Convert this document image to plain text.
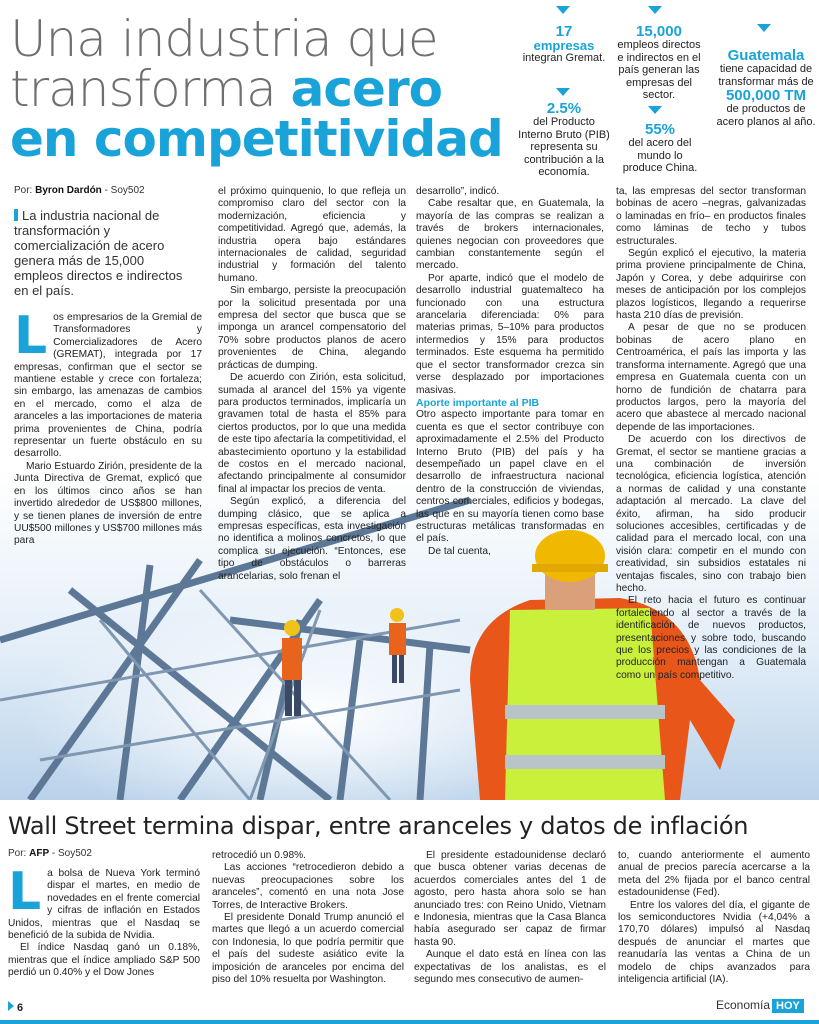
Una industria que
transforma acero
en competitividad
17
empresas
integran Gremat.
2.5%
del Producto Interno Bruto (PIB) representa su contribución a la economía.
15,000
empleos directos e indirectos en el país generan las empresas del sector.
55%
del acero del mundo lo produce China.
Guatemala
tiene capacidad de transformar más de
500,000 TM
de productos de acero planos al año.
Por: Byron Dardón - Soy502
La industria nacional de transformación y comercialización de acero genera más de 15,000 empleos directos e indirectos en el país.

Los empresarios de la Gremial de Transformadores y Comercializadores de Acero (GREMAT), integrada por 17 empresas, confirman que el sector se mantiene estable y crece con fortaleza; sin embargo, las amenazas de cambios en el mercado, como el alza de aranceles a las importaciones de materia prima provenientes de China, podría representar un fuerte obstáculo en su desarrollo.

Mario Estuardo Zirión, presidente de la Junta Directiva de Gremat, explicó que en los últimos cinco años se han invertido alrededor de US$800 millones, y se tienen planes de inversión de entre UU$500 millones y US$700 millones más para

el próximo quinquenio, lo que refleja un compromiso claro del sector con la modernización, eficiencia y competitividad. Agregó que, además, la industria opera bajo estándares internacionales de calidad, seguridad industrial y formación del talento humano.

Sin embargo, persiste la preocupación por la solicitud presentada por una empresa del sector que busca que se imponga un arancel compensatorio del 70% sobre productos planos de acero provenientes de China, alegando prácticas de dumping.

De acuerdo con Zirión, esta solicitud, sumada al arancel del 15% ya vigente para productos terminados, implicaría un gravamen total de hasta el 85% para ciertos productos, por lo que una medida de este tipo afectaría la competitividad, el abastecimiento oportuno y la estabilidad de costos en el mercado nacional, afectando principalmente al consumidor final al impactar los precios de venta.

Según explicó, a diferencia del dumping clásico, que se aplica a empresas específicas, esta investigación no identifica a molinos concretos, lo que complica su ejecución. “Entonces, ese tipo de obstáculos o barreras arancelarias, solo frenan el

desarrollo”, indicó.

Cabe resaltar que, en Guatemala, la mayoría de las compras se realizan a través de brokers internacionales, quienes negocian con proveedores que cambian constantemente según el mercado.

Por aparte, indicó que el modelo de desarrollo industrial guatemalteco ha funcionado con una estructura arancelaria diferenciada: 0% para materias primas, 5–10% para productos intermedios y 15% para productos terminados. Este esquema ha permitido que el sector transformador crezca sin verse desplazado por importaciones masivas.

Aporte importante al PIB

Otro aspecto importante para tomar en cuenta es que el sector contribuye con aproximadamente el 2.5% del Producto Interno Bruto (PIB) del país y ha desempeñado un papel clave en el desarrollo de infraestructura nacional dentro de la construcción de viviendas, centros comerciales, edificios y bodegas, las que en su mayoría tienen como base estructuras metálicas transformadas en el país.

De tal cuenta,

ta, las empresas del sector transforman bobinas de acero –negras, galvanizadas o laminadas en frío– en productos finales como láminas de techo y tubos estructurales.

Según explicó el ejecutivo, la materia prima proviene principalmente de China, Japón y Corea, y debe adquirirse con meses de anticipación por los complejos plazos logísticos, llegando a requerirse hasta 210 días de previsión.

A pesar de que no se producen bobinas de acero plano en Centroamérica, el país las importa y las transforma internamente. Agregó que una empresa en Guatemala cuenta con un horno de fundición de chatarra para productos largos, pero la mayoría del acero que abastece al mercado nacional depende de las importaciones.

De acuerdo con los directivos de Gremat, el sector se mantiene gracias a una combinación de inversión tecnológica, eficiencia logística, atención a normas de calidad y una constante adaptación al mercado. La clave del éxito, afirman, ha sido producir soluciones accesibles, certificadas y de calidad para el mercado local, con una visión clara: competir en el mundo con creatividad, sin subsidios estatales ni ventajas fiscales, sino con trabajo bien hecho.

El reto hacia el futuro es continuar fortaleciendo al sector a través de la identificación de nuevos productos, presentaciones y sobre todo, buscando que los precios y las condiciones de la producción mantengan a Guatemala como un país competitivo.

Wall Street termina dispar, entre aranceles y datos de inflación
Por: AFP - Soy502

La bolsa de Nueva York terminó dispar el martes, en medio de novedades en el frente comercial y cifras de inflación en Estados Unidos, mientras que el Nasdaq se benefició de la subida de Nvidia.

El índice Nasdaq ganó un 0.18%, mientras que el índice ampliado S&P 500 perdió un 0.40% y el Dow Jones

retrocedió un 0.98%.

Las acciones “retrocedieron debido a nuevas preocupaciones sobre los aranceles”, comentó en una nota Jose Torres, de Interactive Brokers.

El presidente Donald Trump anunció el martes que llegó a un acuerdo comercial con Indonesia, lo que podría permitir que el país del sudeste asiático evite la imposición de aranceles por encima del piso del 10% resuelta por Washington.

El presidente estadounidense declaró que busca obtener varias decenas de acuerdos comerciales antes del 1 de agosto, pero hasta ahora solo se han anunciado tres: con Reino Unido, Vietnam e Indonesia, mientras que la Casa Blanca había asegurado ser capaz de firmar hasta 90.

Aunque el dato está en línea con las expectativas de los analistas, es el segundo mes consecutivo de aumen-

to, cuando anteriormente el aumento anual de precios parecía acercarse a la meta del 2% fijada por el banco central estadounidense (Fed).

Entre los valores del día, el gigante de los semiconductores Nvidia (+4,04% a 170,70 dólares) impulsó al Nasdaq después de anunciar el martes que reanudaría las ventas a China de un modelo de chips avanzados para inteligencia artificial (IA).

6	Economía HOY
